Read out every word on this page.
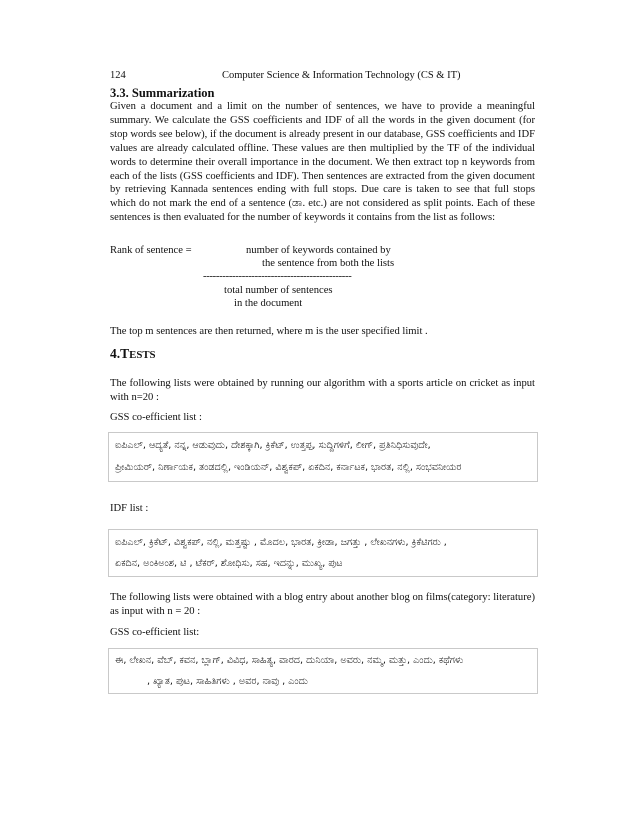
124	Computer Science & Information Technology (CS & IT)
3.3. Summarization

Given a document and a limit on the number of sentences, we have to provide a meaningful summary. We calculate the GSS coefficients and IDF of all the words in the given document (for stop words see below), if the document is already present in our database, GSS coefficients and IDF values are already calculated offline. These values are then multiplied by the TF of the individual words to determine their overall importance in the document. We then extract top n keywords from each of the lists (GSS coefficients and IDF). Then sentences are extracted from the given document by retrieving Kannada sentences ending with full stops. Due care is taken to see that full stops which do not mark the end of a sentence (ಡಾ. etc.) are not considered as split points. Each of these sentences is then evaluated for the number of keywords it contains from the list as follows:

Rank of sentence =	number of keywords contained by
the sentence from both the lists
----------------------------------------------
total number of sentences
in the document

The top m sentences are then returned, where m is the user specified limit .

4.TESTS

The following lists were obtained by running our algorithm with a sports article on cricket as input with n=20 :

GSS co-efficient list :
ಐಪಿಎಲ್, ಆದ್ಯತೆ, ನನ್ನ, ಆಡುವುದು, ದೇಶಕ್ಕಾಗಿ, ಕ್ರಿಕೆಟ್, ಉತ್ತಪ್ಪ, ಸುದ್ದಿಗಳಿಗೆ, ಲೀಗ್, ಪ್ರತಿನಿಧಿಸುವುದೇ,
ಪ್ರೀಮಿಯರ್, ನಿರ್ಣಾಯಕ, ತಂಡದಲ್ಲಿ, ಇಂಡಿಯನ್, ವಿಶ್ವಕಪ್, ಏಕದಿನ, ಕರ್ನಾಟಕ, ಭಾರತ, ನಲ್ಲಿ, ಸಂಭವನೀಯರ
IDF list :
ಐಪಿಎಲ್, ಕ್ರಿಕೆಟ್, ವಿಶ್ವಕಪ್, ನಲ್ಲಿ, ಮತ್ತಷ್ಟು , ಮೊದಲ, ಭಾರತ, ಕ್ರೀಡಾ, ಜಗತ್ತು , ಲೇಖನಗಳು, ಕ್ರಿಕೆಟಿಗರು ,
ಏಕದಿನ, ಅಂಕಿಅಂಶ, ಟಿ , ಟೆಕರ್, ಶೋಧಿಸು, ಸಹ, ಇದನ್ನು, ಮುಖ್ಯ, ಪುಟ

The following lists were obtained with a blog entry about another blog on films(category: literature) as input with n = 20 :

GSS co-efficient list:
ಈ, ಲೇಖನ, ವೆಬ್, ಕವನ, ಬ್ಲಾಗ್, ವಿವಿಧ, ಸಾಹಿತ್ಯ, ವಾರದ, ದುನಿಯಾ, ಅವರು, ನಮ್ಮ, ಮತ್ತು, ಎಂದು, ಕಥೆಗಳು
, ಖ್ಯಾತ, ಪುಟ, ಸಾಹಿತಿಗಳು , ಅವರ, ನಾವು , ಎಂದು
